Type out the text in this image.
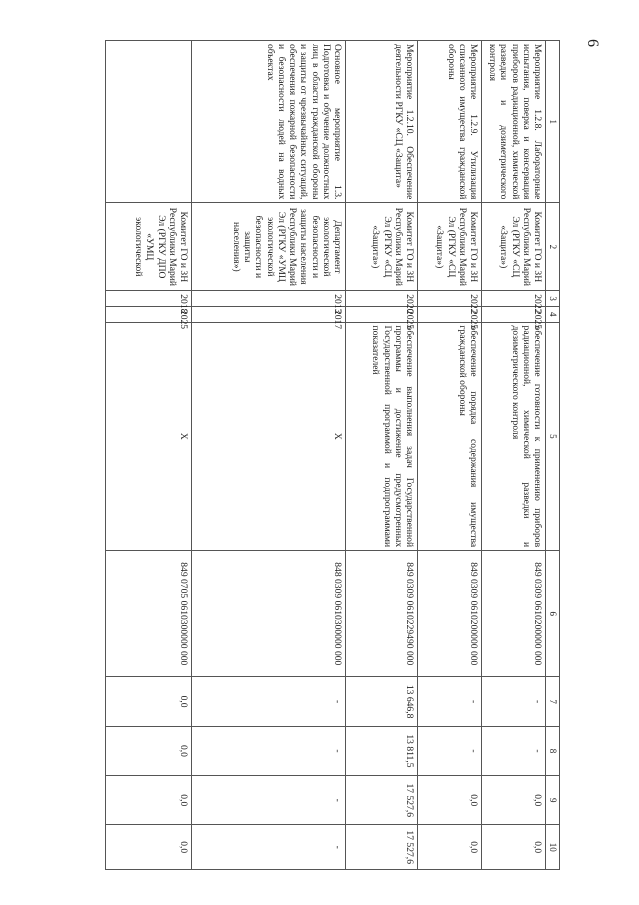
6
1	2	3	4	5	6	7	8	9	10
Мероприятие 1.2.8. Лабораторные испытания, поверка и консервация приборов радиационной, химической разведки и дозиметрического контроля	Комитет ГО и ЗН Республики Марий Эл (РГКУ «СЦ «Защита»)	2022	2025	обеспечение готовности к применению приборов радиационной, химической разведки и дозиметрического контроля	849 0309 0610200000 000	-	-	0,0	0,0
Мероприятие 1.2.9. Утилизация списанного имущества гражданской обороны	Комитет ГО и ЗН Республики Марий Эл (РГКУ «СЦ «Защита»)	2022	2025	обеспечение порядка содержания имущества гражданской обороны	849 0309 0610200000 000	-	-	0,0	0,0
Мероприятие 1.2.10. Обеспечение деятельности РГКУ «СЦ «Защита»	Комитет ГО и ЗН Республики Марий Эл (РГКУ «СЦ «Защита»)	2020	2025	обеспечение выполнения задач Государственной программы и достижение предусмотренных Государственной программой и подпрограммами показателей	849 0309 0610229490 000	13 646,8	13 811,5	17 527,6	17 527,6
Основное мероприятие 1.3. Подготовка и обучение должностных лиц в области гражданской обороны и защиты от чрезвычайных ситуаций, обеспечения пожарной безопасности и безопасности людей на водных объектах	Департамент экологической безопасности и защиты населения Республики Марий Эл (РГКУ «УМЦ экологической безопасности и защиты населения»)	2013	2017	X	848 0309 0610300000 000	-	-	-	-
	Комитет ГО и ЗН Республики Марий Эл (РГКУ ДПО «УМЦ экологической	2018	2025	X	849 0705 0610300000 000	0,0	0,0	0,0	0,0
